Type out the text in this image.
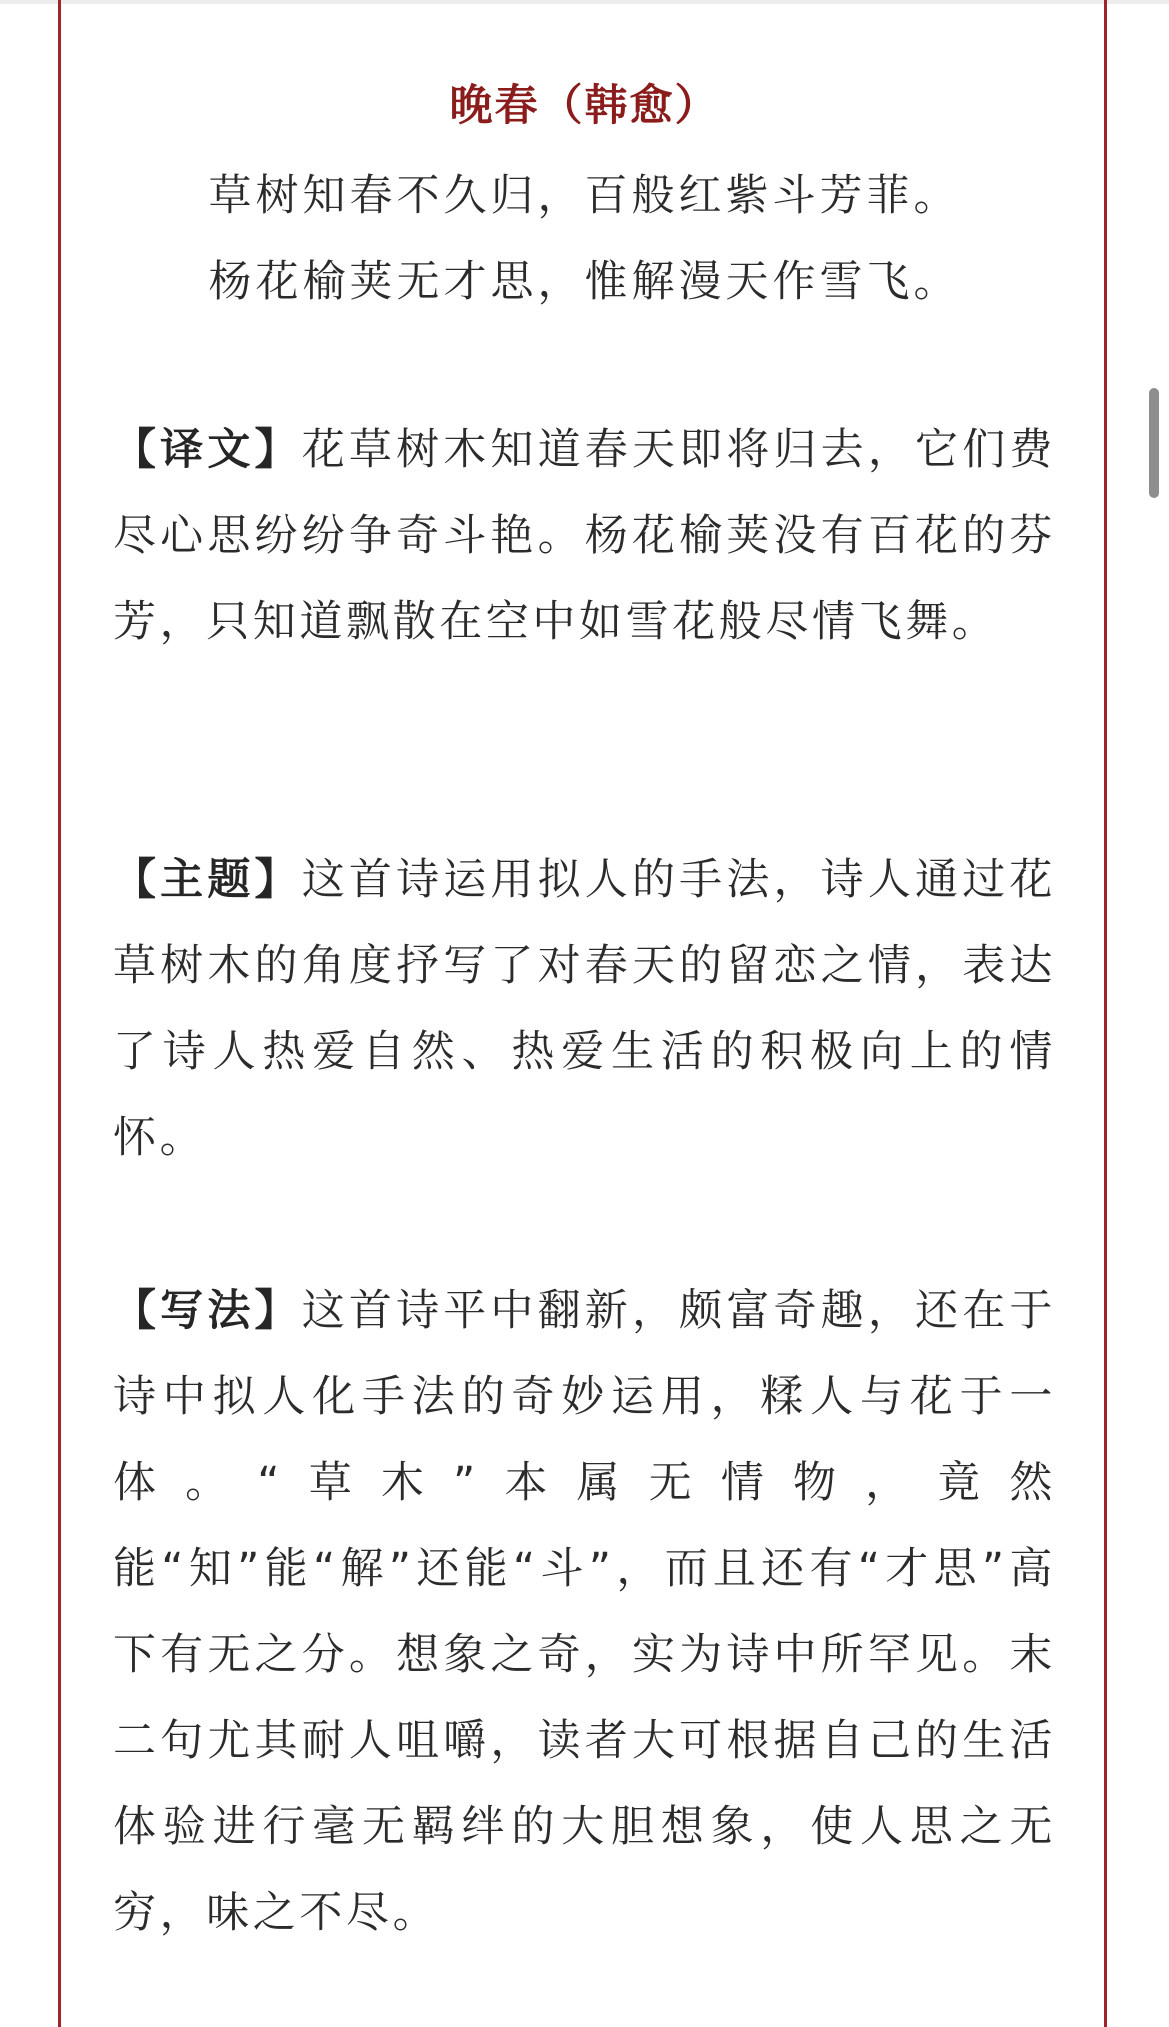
晚春（韩愈）

草树知春不久归，百般红紫斗芳菲。

杨花榆荚无才思，惟解漫天作雪飞。

【译文】花草树木知道春天即将归去，它们费尽心思纷纷争奇斗艳。杨花榆荚没有百花的芬芳，只知道飘散在空中如雪花般尽情飞舞。

【主题】这首诗运用拟人的手法，诗人通过花草树木的角度抒写了对春天的留恋之情，表达了诗人热爱自然、热爱生活的积极向上的情怀。

【写法】这首诗平中翻新，颇富奇趣，还在于诗中拟人化手法的奇妙运用，糅人与花于一体。“草木”本属无情物，竟然能“知”能“解”还能“斗”，而且还有“才思”高下有无之分。想象之奇，实为诗中所罕见。末二句尤其耐人咀嚼，读者大可根据自己的生活体验进行毫无羁绊的大胆想象，使人思之无穷，味之不尽。
